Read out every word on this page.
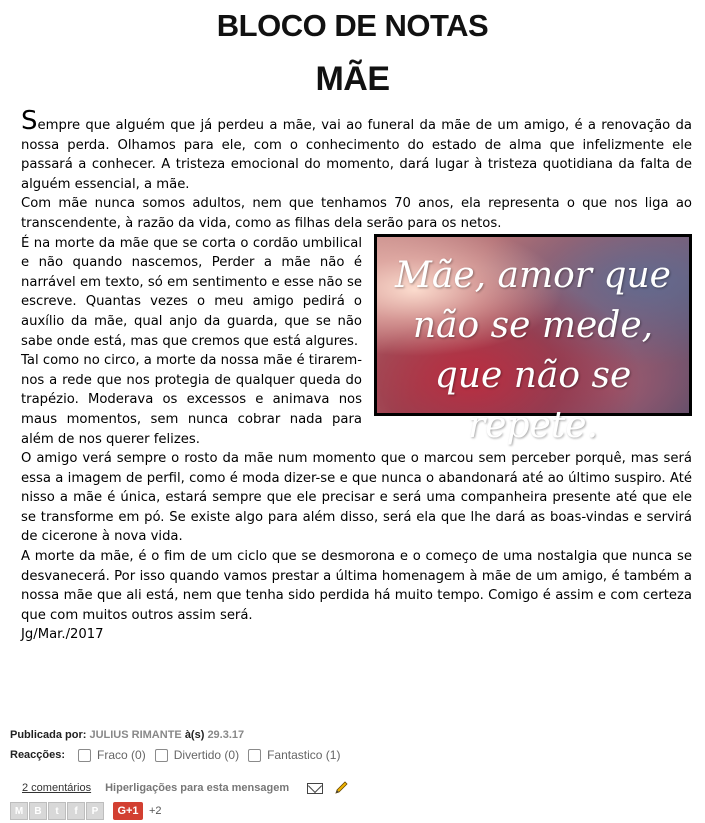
BLOCO DE NOTAS
MÃE

Sempre que alguém que já perdeu a mãe, vai ao funeral da mãe de um amigo, é a renovação da nossa perda. Olhamos para ele, com o conhecimento do estado de alma que infelizmente ele passará a conhecer. A tristeza emocional do momento, dará lugar à tristeza quotidiana da falta de alguém essencial, a mãe.

Com mãe nunca somos adultos, nem que tenhamos 70 anos, ela representa o que nos liga ao transcendente, à razão da vida, como as filhas dela serão para os netos.

Mãe, amor que não se mede, que não se repete.

É na morte da mãe que se corta o cordão umbilical e não quando nascemos, Perder a mãe não é narrável em texto, só em sentimento e esse não se escreve. Quantas vezes o meu amigo pedirá o auxílio da mãe, qual anjo da guarda, que se não sabe onde está, mas que cremos que está algures.

Tal como no circo, a morte da nossa mãe é tirarem-nos a rede que nos protegia de qualquer queda do trapézio. Moderava os excessos e animava nos maus momentos, sem nunca cobrar nada para além de nos querer felizes.

O amigo verá sempre o rosto da mãe num momento que o marcou sem perceber porquê, mas será essa a imagem de perfil, como é moda dizer-se e que nunca o abandonará até ao último suspiro. Até nisso a mãe é única, estará sempre que ele precisar e será uma companheira presente até que ele se transforme em pó. Se existe algo para além disso, será ela que lhe dará as boas-vindas e servirá de cicerone à nova vida.

A morte da mãe, é o fim de um ciclo que se desmorona e o começo de uma nostalgia que nunca se desvanecerá. Por isso quando vamos prestar a última homenagem à mãe de um amigo, é também a nossa mãe que ali está, nem que tenha sido perdida há muito tempo. Comigo é assim e com certeza que com muitos outros assim será.

Jg/Mar./2017

Publicada por: JULIUS RIMANTE à(s) 29.3.17
Reacções:	Fraco (0) Divertido (0) Fantastico (1)
2 comentários Hiperligações para esta mensagem
M	B	t	f	P	G+1 +2
